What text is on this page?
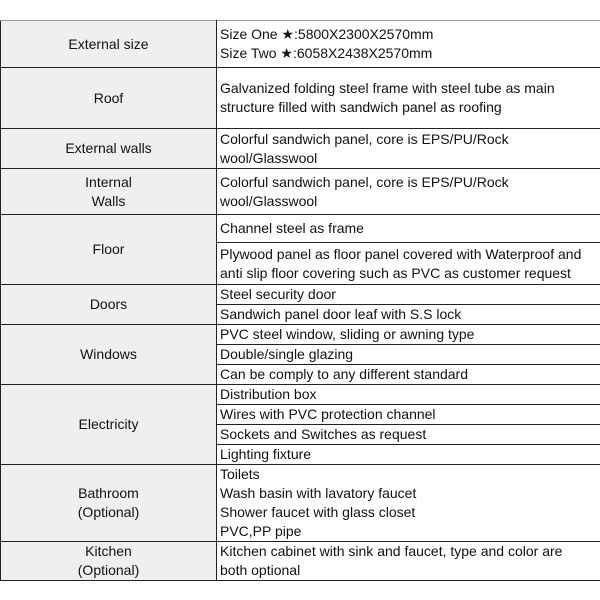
External size	Size One ★:5800X2300X2570mm
Size Two ★:6058X2438X2570mm

Roof	Galvanized folding steel frame with steel tube as main
structure filled with sandwich panel as roofing

External walls	Colorful sandwich panel, core is EPS/PU/Rock
wool/Glasswool

Internal
Walls	Colorful sandwich panel, core is EPS/PU/Rock
wool/Glasswool

Floor	Channel steel as frame

	Plywood panel as floor panel covered with Waterproof and
anti slip floor covering such as PVC as customer request

Doors	Steel security door

	Sandwich panel door leaf with S.S lock

Windows	PVC steel window, sliding or awning type

	Double/single glazing

	Can be comply to any different standard

Electricity	Distribution box

	Wires with PVC protection channel

	Sockets and Switches as request

	Lighting fixture

Bathroom
(Optional)	Toilets
Wash basin with lavatory faucet
Shower faucet with glass closet
PVC,PP pipe

Kitchen
(Optional)	Kitchen cabinet with sink and faucet, type and color are
both optional
